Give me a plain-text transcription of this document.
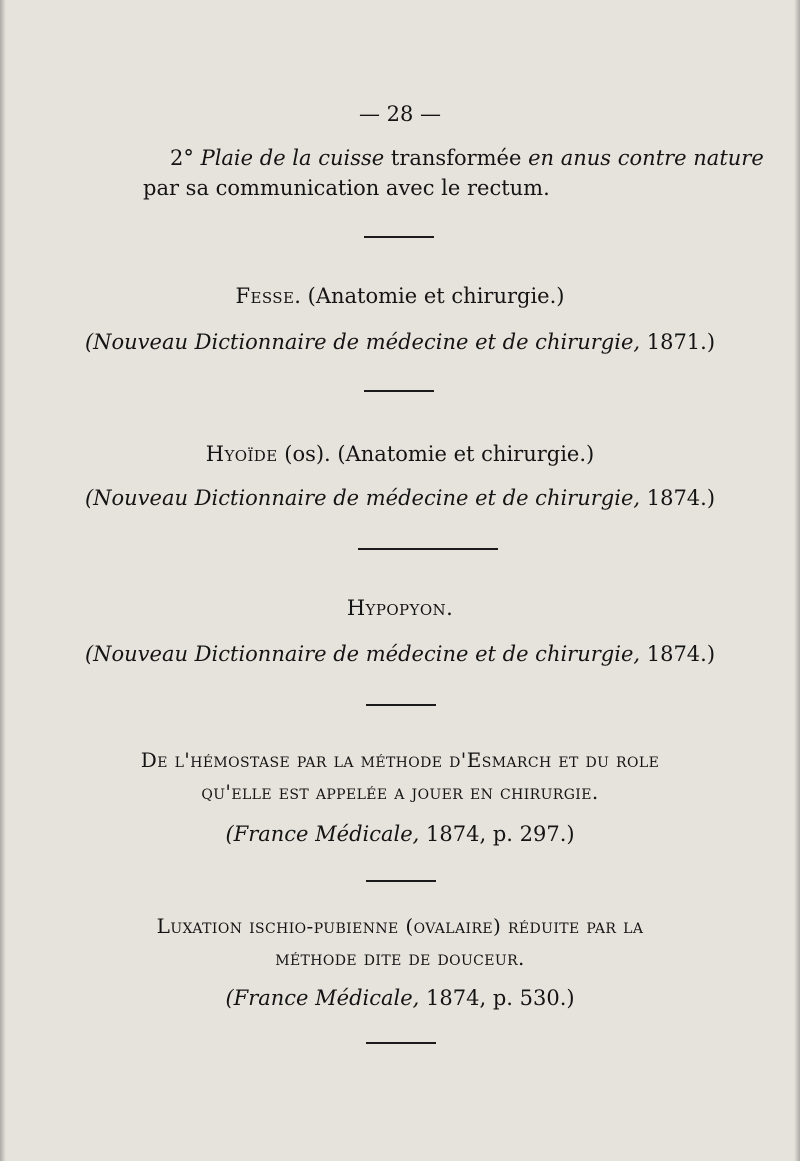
— 28 —
2° Plaie de la cuisse transformée en anus contre nature
par sa communication avec le rectum.
Fesse. (Anatomie et chirurgie.)
(Nouveau Dictionnaire de médecine et de chirurgie, 1871.)
Hyoïde (os). (Anatomie et chirurgie.)
(Nouveau Dictionnaire de médecine et de chirurgie, 1874.)
Hypopyon.
(Nouveau Dictionnaire de médecine et de chirurgie, 1874.)
De l'hémostase par la méthode d'Esmarch et du role
qu'elle est appelée a jouer en chirurgie.
(France Médicale, 1874, p. 297.)
Luxation ischio-pubienne (ovalaire) réduite par la
méthode dite de douceur.
(France Médicale, 1874, p. 530.)
